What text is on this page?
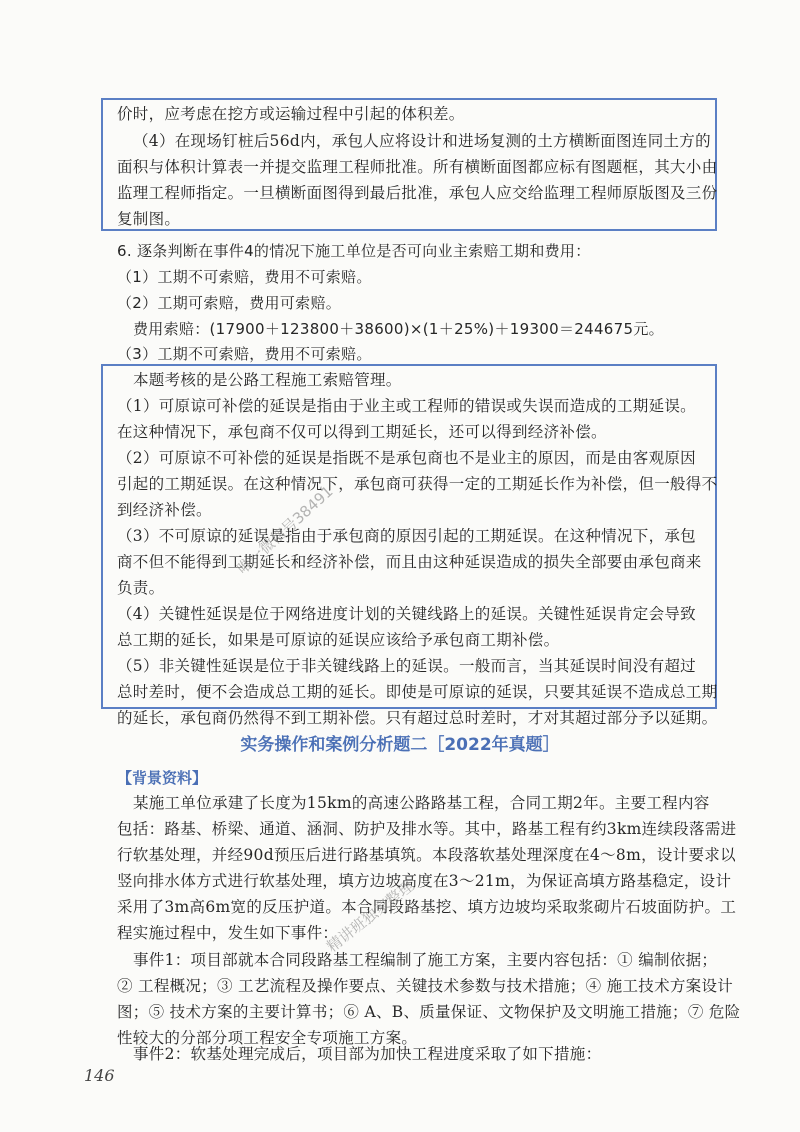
价时，应考虑在挖方或运输过程中引起的体积差。
（4）在现场钉桩后56d内，承包人应将设计和进场复测的土方横断面图连同土方的
面积与体积计算表一并提交监理工程师批准。所有横断面图都应标有图题框，其大小由
监理工程师指定。一旦横断面图得到最后批准，承包人应交给监理工程师原版图及三份
复制图。
6. 逐条判断在事件4的情况下施工单位是否可向业主索赔工期和费用：
（1）工期不可索赔，费用不可索赔。
（2）工期可索赔，费用可索赔。
费用索赔：(17900＋123800＋38600)×(1＋25%)＋19300＝244675元。
（3）工期不可索赔，费用不可索赔。
本题考核的是公路工程施工索赔管理。
（1）可原谅可补偿的延误是指由于业主或工程师的错误或失误而造成的工期延误。
在这种情况下，承包商不仅可以得到工期延长，还可以得到经济补偿。
（2）可原谅不可补偿的延误是指既不是承包商也不是业主的原因，而是由客观原因
引起的工期延误。在这种情况下，承包商可获得一定的工期延长作为补偿，但一般得不
到经济补偿。
（3）不可原谅的延误是指由于承包商的原因引起的工期延误。在这种情况下，承包
商不但不能得到工期延长和经济补偿，而且由这种延误造成的损失全部要由承包商来
负责。
（4）关键性延误是位于网络进度计划的关键线路上的延误。关键性延误肯定会导致
总工期的延长，如果是可原谅的延误应该给予承包商工期补偿。
（5）非关键性延误是位于非关键线路上的延误。一般而言，当其延误时间没有超过
总时差时，便不会造成总工期的延长。即使是可原谅的延误，只要其延误不造成总工期
的延长，承包商仍然得不到工期补偿。只有超过总时差时，才对其超过部分予以延期。
实务操作和案例分析题二［2022年真题］
【背景资料】
某施工单位承建了长度为15km的高速公路路基工程，合同工期2年。主要工程内容
包括：路基、桥梁、通道、涵洞、防护及排水等。其中，路基工程有约3km连续段落需进
行软基处理，并经90d预压后进行路基填筑。本段落软基处理深度在4～8m，设计要求以
竖向排水体方式进行软基处理，填方边坡高度在3～21m，为保证高填方路基稳定，设计
采用了3m高6m宽的反压护道。本合同段路基挖、填方边坡均采取浆砌片石坡面防护。工
程实施过程中，发生如下事件：
事件1：项目部就本合同段路基工程编制了施工方案，主要内容包括：① 编制依据；
② 工程概况；③ 工艺流程及操作要点、关键技术参数与技术措施；④ 施工技术方案设计
图；⑤ 技术方案的主要计算书；⑥ A、B、质量保证、文物保护及文明施工措施；⑦ 危险
性较大的分部分项工程安全专项施工方案。
事件2：软基处理完成后，项目部为加快工程进度采取了如下措施：
146
唯一微信号38491
精讲班独家整理
